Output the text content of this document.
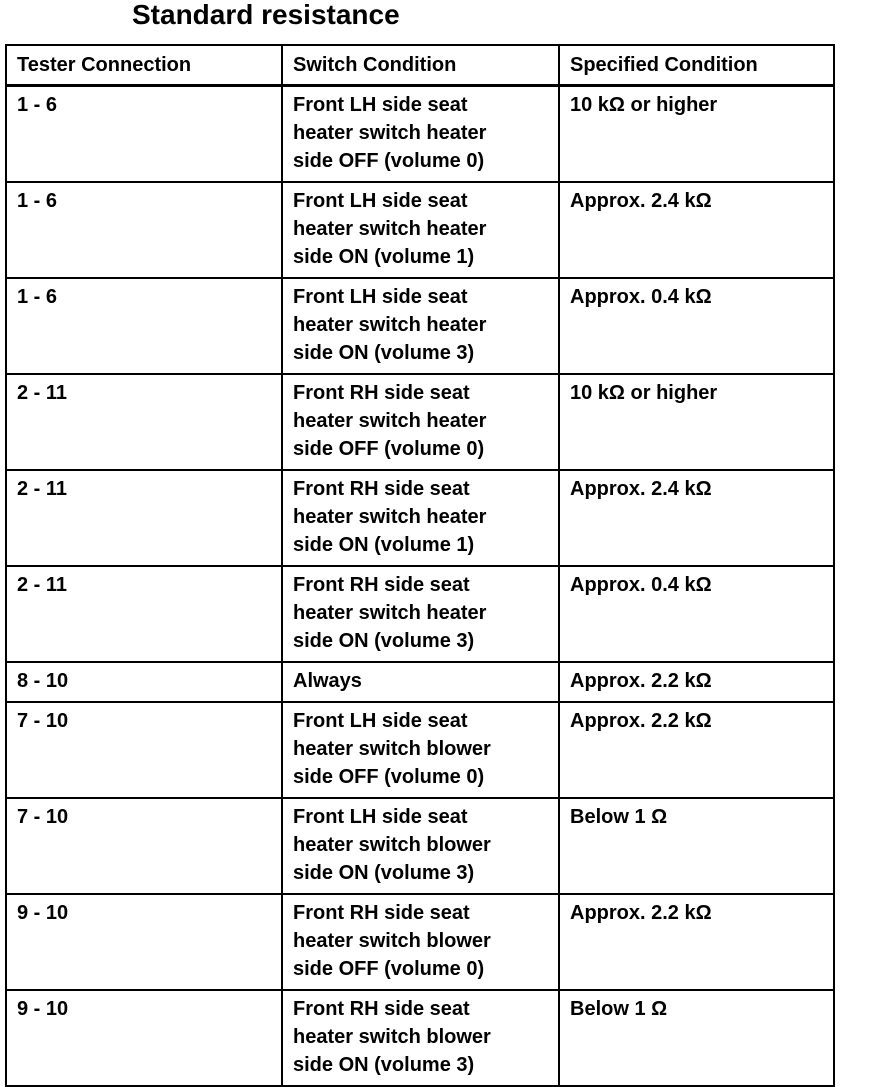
Standard resistance
Tester Connection	Switch Condition	Specified Condition
1 - 6	Front LH side seat heater switch heater side OFF (volume 0)	10 kΩ or higher
1 - 6	Front LH side seat heater switch heater side ON (volume 1)	Approx. 2.4 kΩ
1 - 6	Front LH side seat heater switch heater side ON (volume 3)	Approx. 0.4 kΩ
2 - 11	Front RH side seat heater switch heater side OFF (volume 0)	10 kΩ or higher
2 - 11	Front RH side seat heater switch heater side ON (volume 1)	Approx. 2.4 kΩ
2 - 11	Front RH side seat heater switch heater side ON (volume 3)	Approx. 0.4 kΩ
8 - 10	Always	Approx. 2.2 kΩ
7 - 10	Front LH side seat heater switch blower side OFF (volume 0)	Approx. 2.2 kΩ
7 - 10	Front LH side seat heater switch blower side ON (volume 3)	Below 1 Ω
9 - 10	Front RH side seat heater switch blower side OFF (volume 0)	Approx. 2.2 kΩ
9 - 10	Front RH side seat heater switch blower side ON (volume 3)	Below 1 Ω
